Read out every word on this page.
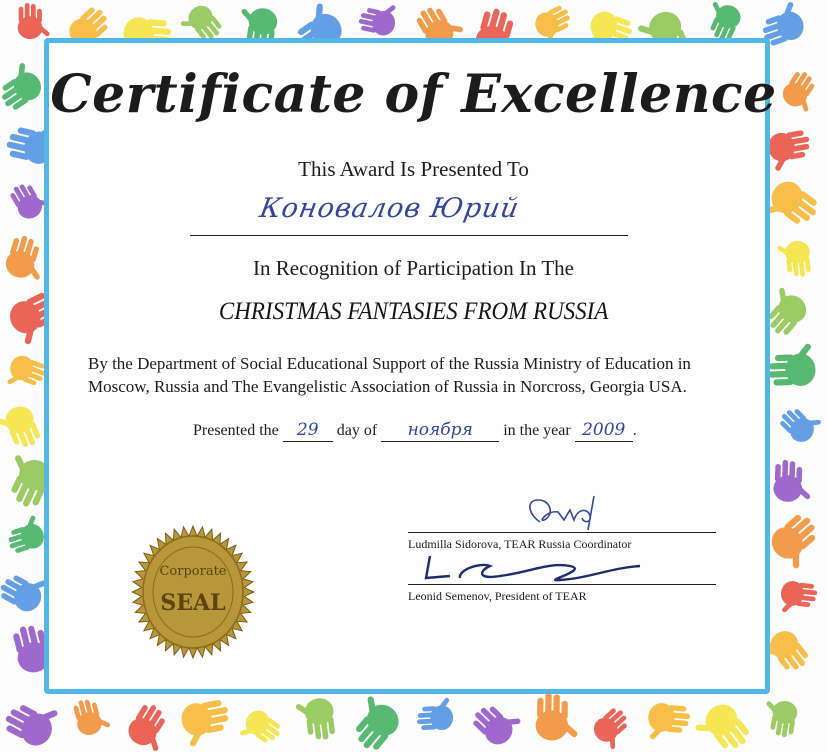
Certificate of Excellence
This Award Is Presented To
Коновалов Юрий
In Recognition of Participation In The
CHRISTMAS FANTASIES FROM RUSSIA
By the Department of Social Educational Support of the Russia Ministry of Education in Moscow, Russia and The Evangelistic Association of Russia in Norcross, Georgia USA.
Presented the 29 day of ноября in the year 2009 .
Ludmilla Sidorova, TEAR Russia Coordinator
Leonid Semenov, President of TEAR
Corporate
SEAL
